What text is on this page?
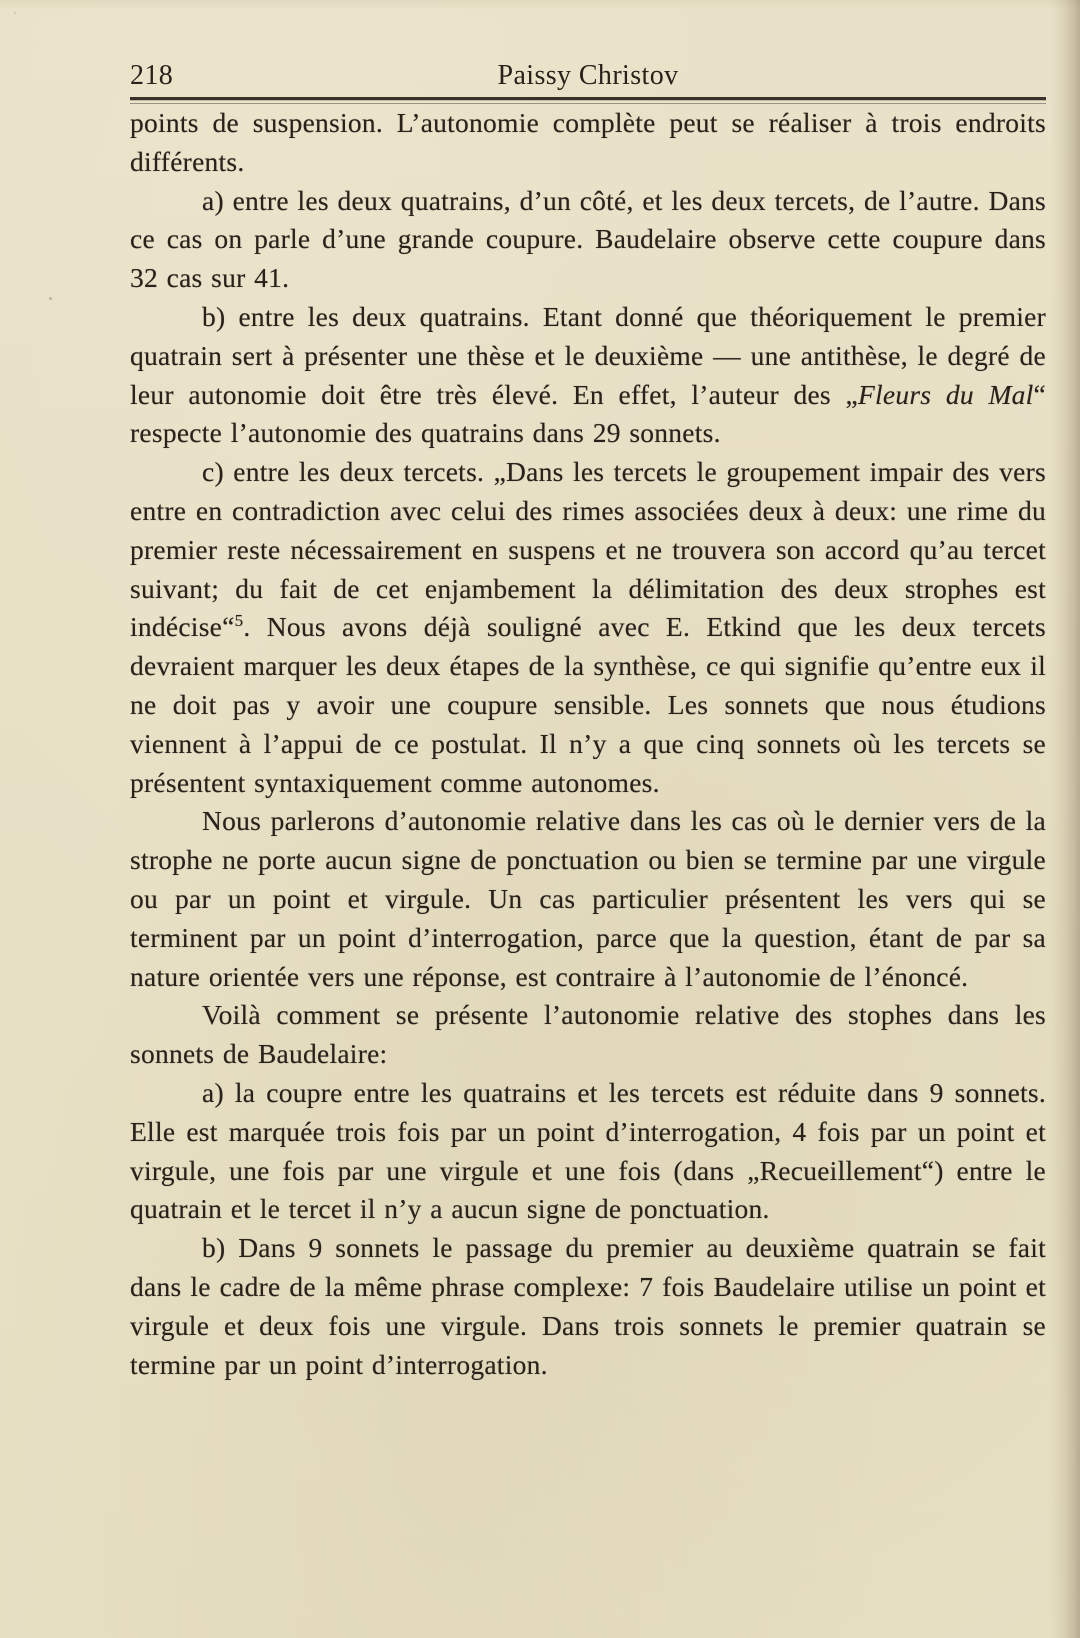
218	Paissy Christov

points de suspension. L’autonomie complète peut se réaliser à trois endroits différents.

a) entre les deux quatrains, d’un côté, et les deux tercets, de l’autre. Dans ce cas on parle d’une grande coupure. Baudelaire observe cette coupure dans 32 cas sur 41.

b) entre les deux quatrains. Etant donné que théoriquement le premier quatrain sert à présenter une thèse et le deuxième — une antithèse, le degré de leur autonomie doit être très élevé. En effet, l’auteur des „Fleurs du Mal“ respecte l’autonomie des quatrains dans 29 sonnets.

c) entre les deux tercets. „Dans les tercets le groupement impair des vers entre en contradiction avec celui des rimes associées deux à deux: une rime du premier reste nécessairement en suspens et ne trouvera son accord qu’au tercet suivant; du fait de cet enjambement la délimitation des deux strophes est indécise“$^5$. Nous avons déjà souligné avec E. Etkind que les deux tercets devraient marquer les deux étapes de la synthèse, ce qui signifie qu’entre eux il ne doit pas y avoir une coupure sensible. Les sonnets que nous étudions viennent à l’appui de ce postulat. Il n’y a que cinq sonnets où les tercets se présentent syntaxiquement comme autonomes.

Nous parlerons d’autonomie relative dans les cas où le dernier vers de la strophe ne porte aucun signe de ponctuation ou bien se termine par une virgule ou par un point et virgule. Un cas particulier présentent les vers qui se terminent par un point d’interrogation, parce que la question, étant de par sa nature orientée vers une réponse, est contraire à l’autonomie de l’énoncé.

Voilà comment se présente l’autonomie relative des stophes dans les sonnets de Baudelaire:

a) la coupre entre les quatrains et les tercets est réduite dans 9 sonnets. Elle est marquée trois fois par un point d’interrogation, 4 fois par un point et virgule, une fois par une virgule et une fois (dans „Recueillement“) entre le quatrain et le tercet il n’y a aucun signe de ponctuation.

b) Dans 9 sonnets le passage du premier au deuxième quatrain se fait dans le cadre de la même phrase complexe: 7 fois Baudelaire utilise un point et virgule et deux fois une virgule. Dans trois sonnets le premier quatrain se termine par un point d’interrogation.
